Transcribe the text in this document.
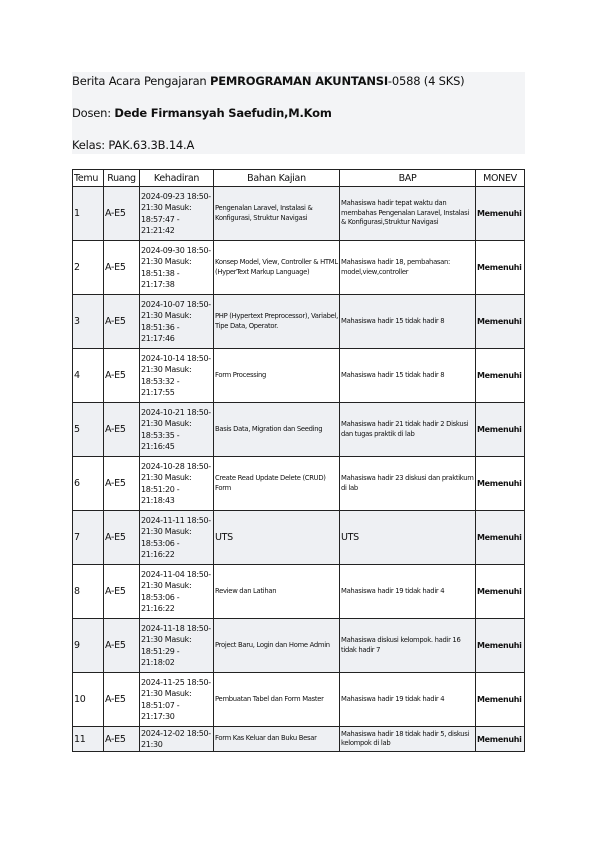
Berita Acara Pengajaran PEMROGRAMAN AKUNTANSI-0588 (4 SKS)
Dosen: Dede Firmansyah Saefudin,M.Kom
Kelas: PAK.63.3B.14.A
Temu	Ruang	Kehadiran	Bahan Kajian	BAP	MONEV
1	A-E5	2024-09-23 18:50-21:30 Masuk: 18:57:47 - 21:21:42	Pengenalan Laravel, Instalasi & Konfigurasi, Struktur Navigasi	Mahasiswa hadir tepat waktu dan membahas Pengenalan Laravel, Instalasi & Konfigurasi,Struktur Navigasi	Memenuhi
2	A-E5	2024-09-30 18:50-21:30 Masuk: 18:51:38 - 21:17:38	Konsep Model, View, Controller & HTML (HyperText Markup Language)	Mahasiswa hadir 18, pembahasan: model,view,controller	Memenuhi
3	A-E5	2024-10-07 18:50-21:30 Masuk: 18:51:36 - 21:17:46	PHP (Hypertext Preprocessor), Variabel, Tipe Data, Operator.	Mahasiswa hadir 15 tidak hadir 8	Memenuhi
4	A-E5	2024-10-14 18:50-21:30 Masuk: 18:53:32 - 21:17:55	Form Processing	Mahasiswa hadir 15 tidak hadir 8	Memenuhi
5	A-E5	2024-10-21 18:50-21:30 Masuk: 18:53:35 - 21:16:45	Basis Data, Migration dan Seeding	Mahasiswa hadir 21 tidak hadir 2 Diskusi dan tugas praktik di lab	Memenuhi
6	A-E5	2024-10-28 18:50-21:30 Masuk: 18:51:20 - 21:18:43	Create Read Update Delete (CRUD) Form	Mahasiswa hadir 23 diskusi dan praktikum di lab	Memenuhi
7	A-E5	2024-11-11 18:50-21:30 Masuk: 18:53:06 - 21:16:22	UTS	UTS	Memenuhi
8	A-E5	2024-11-04 18:50-21:30 Masuk: 18:53:06 - 21:16:22	Review dan Latihan	Mahasiswa hadir 19 tidak hadir 4	Memenuhi
9	A-E5	2024-11-18 18:50-21:30 Masuk: 18:51:29 - 21:18:02	Project Baru, Login dan Home Admin	Mahasiswa diskusi kelompok. hadir 16 tidak hadir 7	Memenuhi
10	A-E5	2024-11-25 18:50-21:30 Masuk: 18:51:07 - 21:17:30	Pembuatan Tabel dan Form Master	Mahasiswa hadir 19 tidak hadir 4	Memenuhi
11	A-E5	2024-12-02 18:50-21:30	Form Kas Keluar dan Buku Besar	Mahasiswa hadir 18 tidak hadir 5, diskusi kelompok di lab	Memenuhi
